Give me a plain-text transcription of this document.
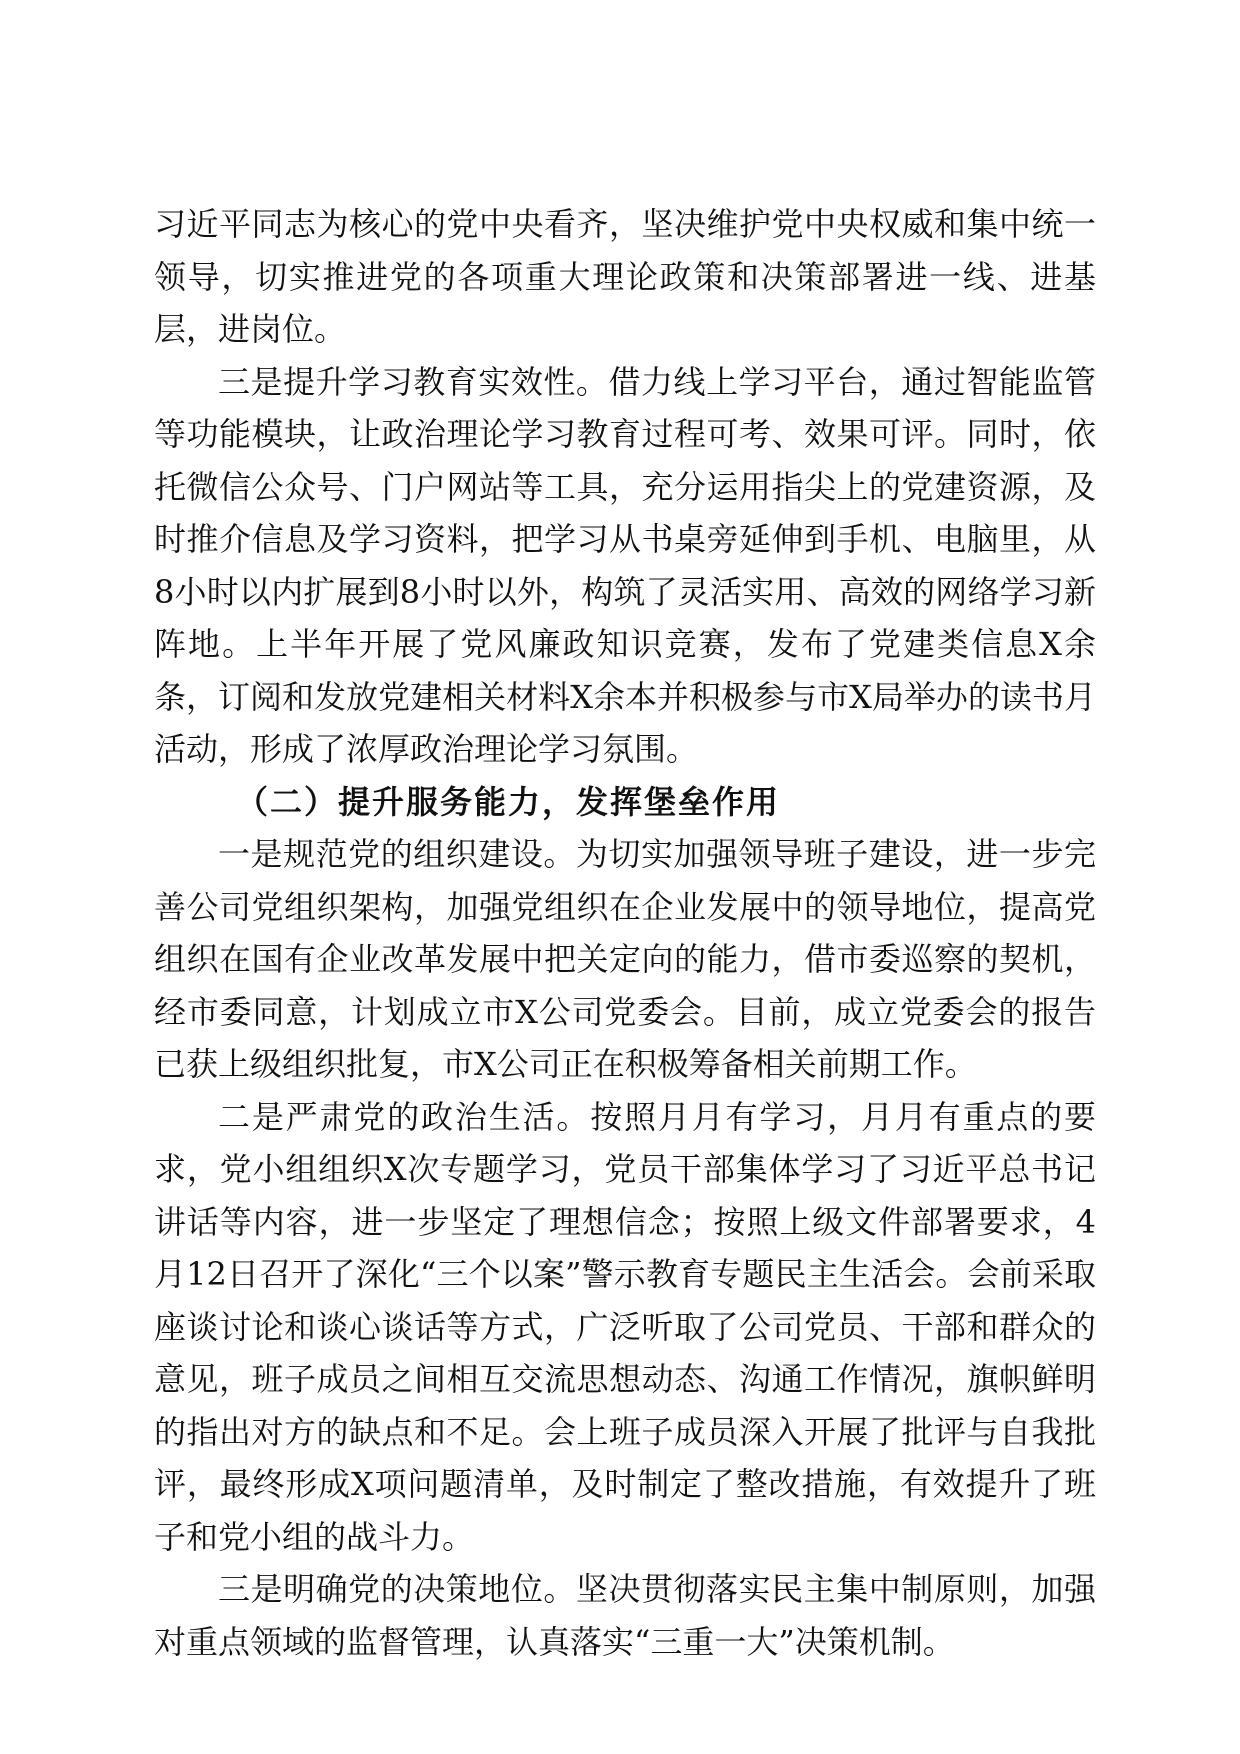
习近平同志为核心的党中央看齐，坚决维护党中央权威和集中统一领导，切实推进党的各项重大理论政策和决策部署进一线、进基层，进岗位。

三是提升学习教育实效性。借力线上学习平台，通过智能监管等功能模块，让政治理论学习教育过程可考、效果可评。同时，依托微信公众号、门户网站等工具，充分运用指尖上的党建资源，及时推介信息及学习资料，把学习从书桌旁延伸到手机、电脑里，从8小时以内扩展到8小时以外，构筑了灵活实用、高效的网络学习新阵地。上半年开展了党风廉政知识竞赛，发布了党建类信息X余条，订阅和发放党建相关材料X余本并积极参与市X局举办的读书月活动，形成了浓厚政治理论学习氛围。

（二）提升服务能力，发挥堡垒作用

一是规范党的组织建设。为切实加强领导班子建设，进一步完善公司党组织架构，加强党组织在企业发展中的领导地位，提高党组织在国有企业改革发展中把关定向的能力，借市委巡察的契机，经市委同意，计划成立市X公司党委会。目前，成立党委会的报告已获上级组织批复，市X公司正在积极筹备相关前期工作。

二是严肃党的政治生活。按照月月有学习，月月有重点的要求，党小组组织X次专题学习，党员干部集体学习了习近平总书记讲话等内容，进一步坚定了理想信念；按照上级文件部署要求，4月12日召开了深化“三个以案”警示教育专题民主生活会。会前采取座谈讨论和谈心谈话等方式，广泛听取了公司党员、干部和群众的意见，班子成员之间相互交流思想动态、沟通工作情况，旗帜鲜明的指出对方的缺点和不足。会上班子成员深入开展了批评与自我批评，最终形成X项问题清单，及时制定了整改措施，有效提升了班子和党小组的战斗力。

三是明确党的决策地位。坚决贯彻落实民主集中制原则，加强对重点领域的监督管理，认真落实“三重一大”决策机制。
